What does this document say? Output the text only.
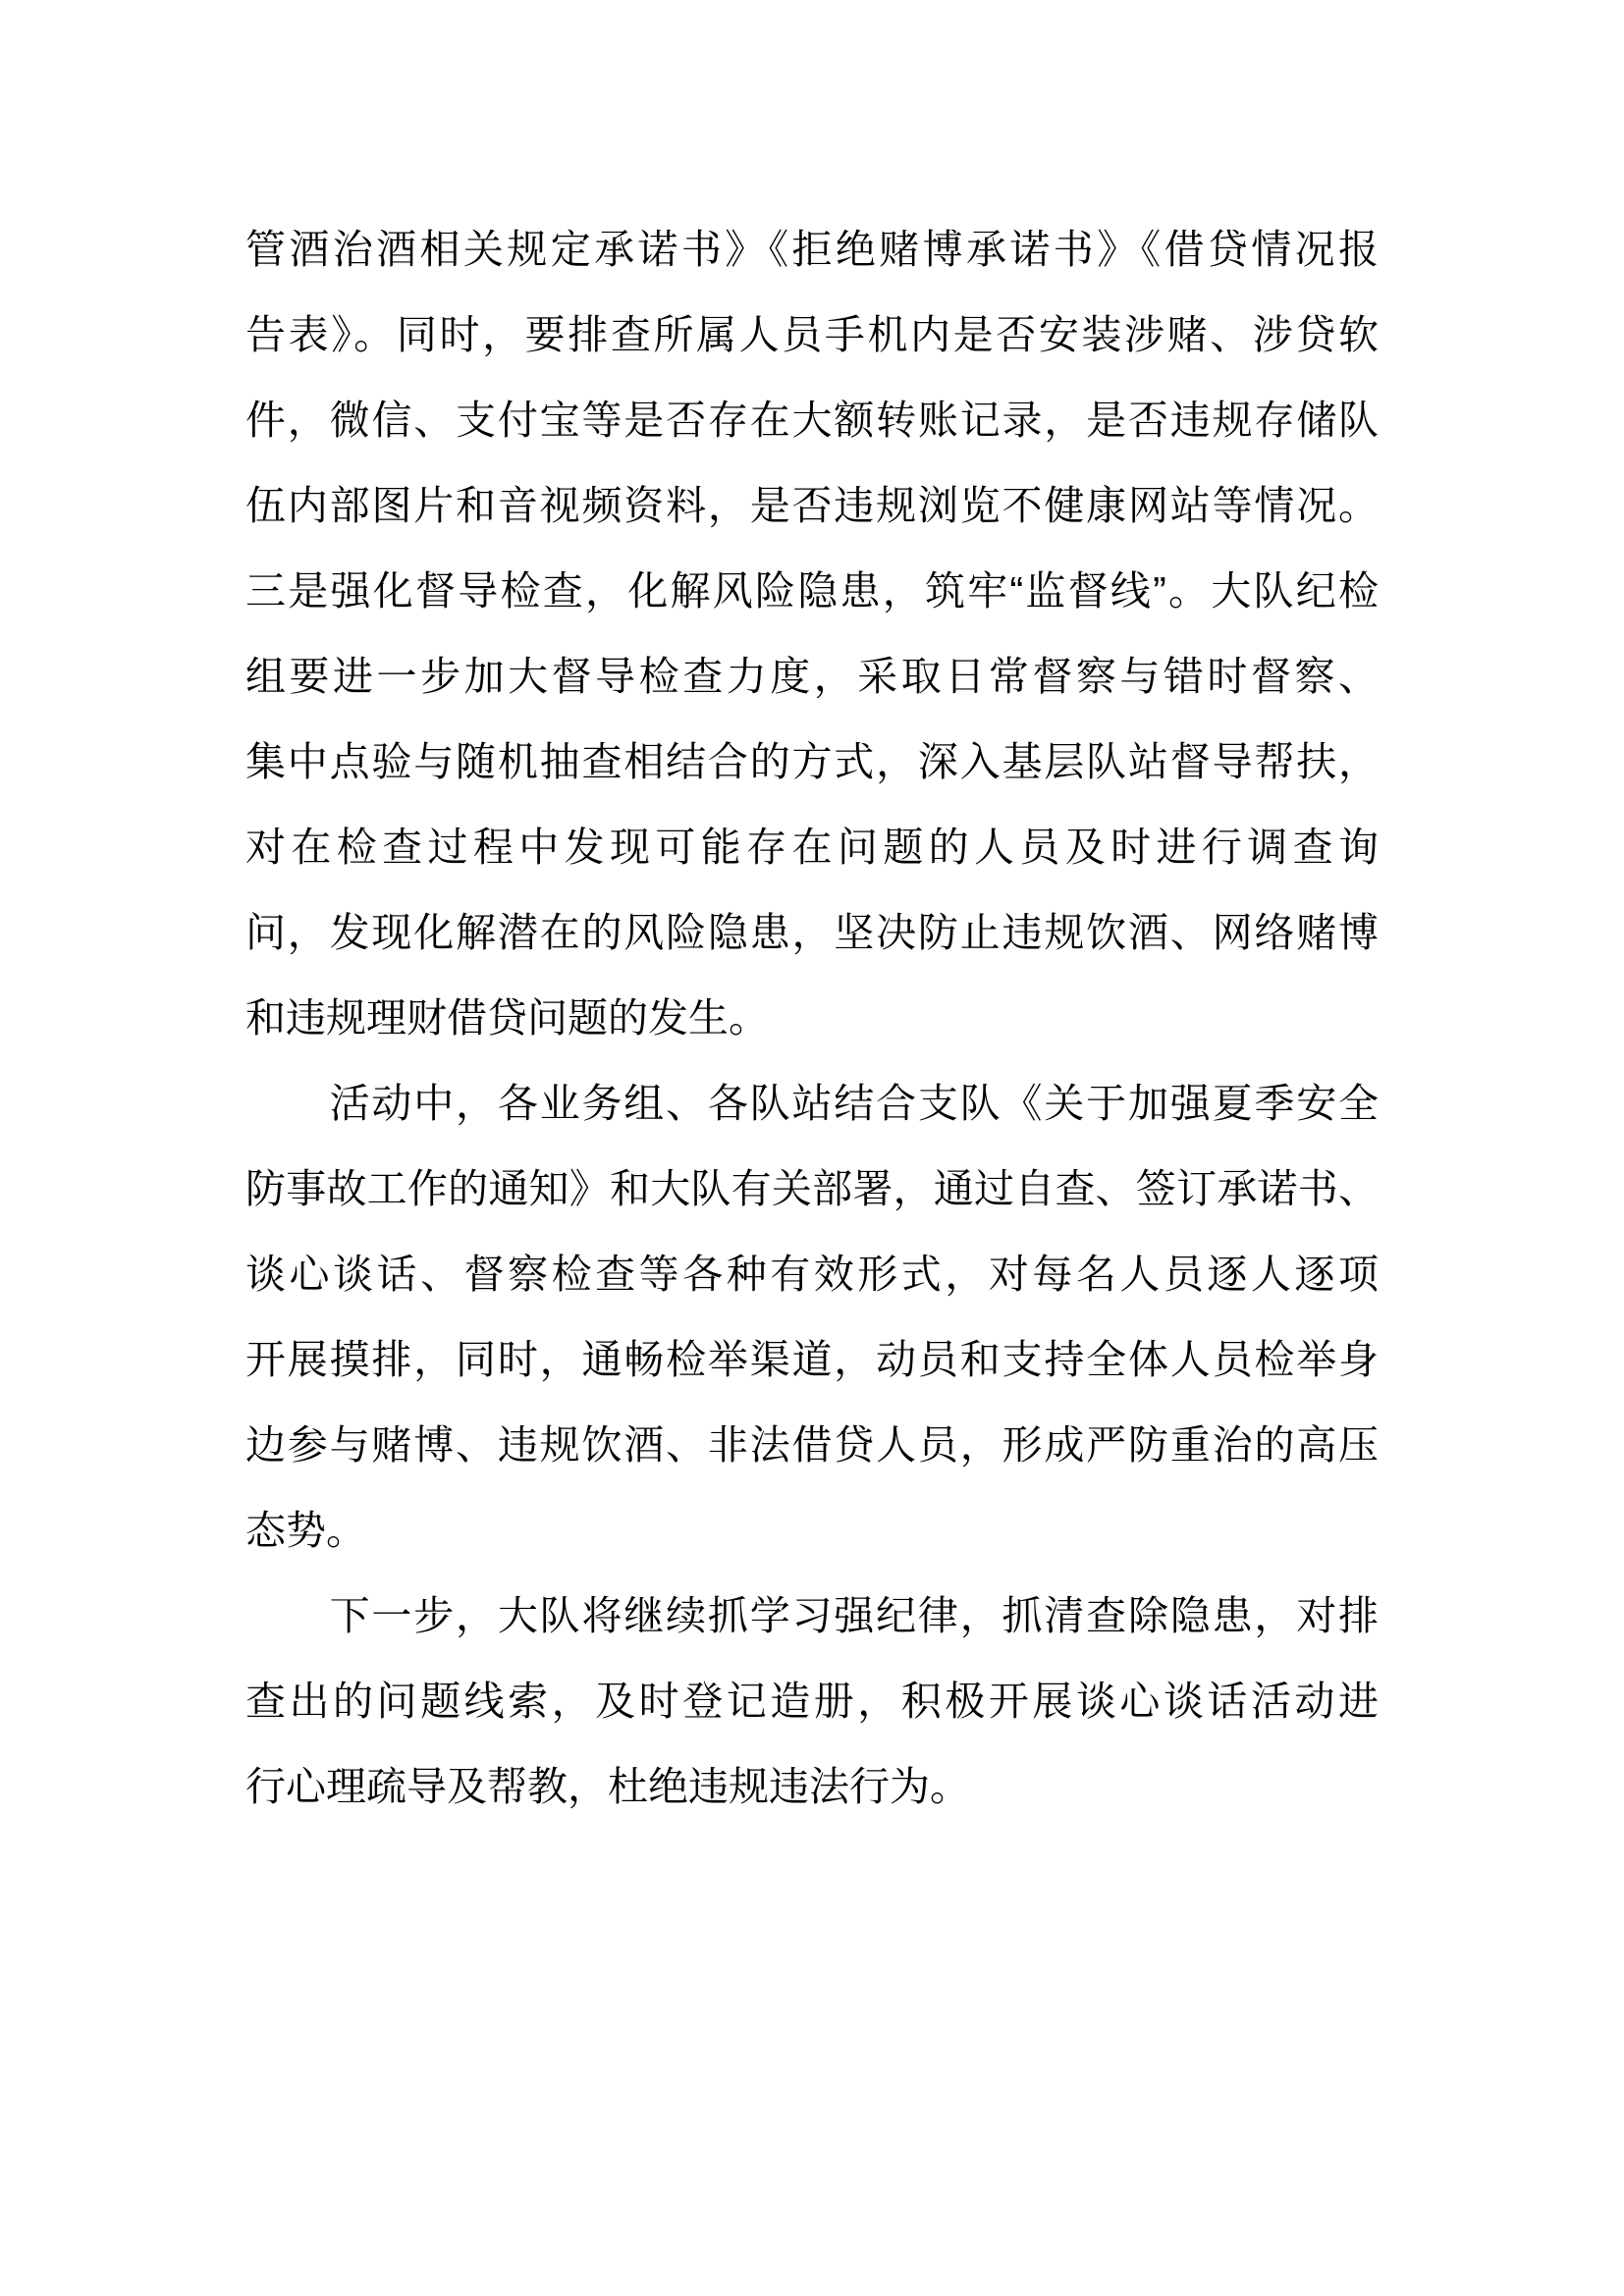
管酒治酒相关规定承诺书》《拒绝赌博承诺书》《借贷情况报
告表》。同时，要排查所属人员手机内是否安装涉赌、涉贷软
件，微信、支付宝等是否存在大额转账记录，是否违规存储队
伍内部图片和音视频资料，是否违规浏览不健康网站等情况。
三是强化督导检查，化解风险隐患，筑牢“监督线”。大队纪检
组要进一步加大督导检查力度，采取日常督察与错时督察、
集中点验与随机抽查相结合的方式，深入基层队站督导帮扶，
对在检查过程中发现可能存在问题的人员及时进行调查询
问，发现化解潜在的风险隐患，坚决防止违规饮酒、网络赌博
和违规理财借贷问题的发生。
　　活动中，各业务组、各队站结合支队《关于加强夏季安全
防事故工作的通知》和大队有关部署，通过自查、签订承诺书、
谈心谈话、督察检查等各种有效形式，对每名人员逐人逐项
开展摸排，同时，通畅检举渠道，动员和支持全体人员检举身
边参与赌博、违规饮酒、非法借贷人员，形成严防重治的高压
态势。
　　下一步，大队将继续抓学习强纪律，抓清查除隐患，对排
查出的问题线索，及时登记造册，积极开展谈心谈话活动进
行心理疏导及帮教，杜绝违规违法行为。
